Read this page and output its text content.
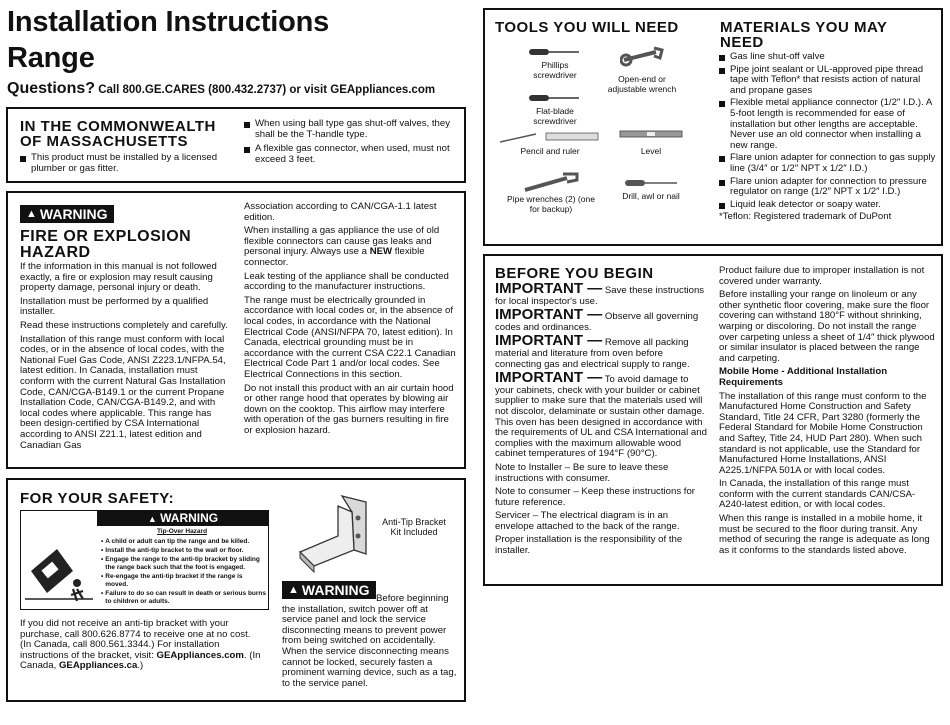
Installation Instructions
Range
Questions? Call 800.GE.CARES (800.432.2737) or visit GEAppliances.com
IN THE COMMONWEALTH
OF MASSACHUSETTS
This product must be installed by a licensed plumber or gas fitter.
When using ball type gas shut-off valves, they shall be the T-handle type.
A flexible gas connector, when used, must not exceed 3 feet.
▲ WARNING
FIRE OR EXPLOSION
HAZARD
If the information in this manual is not followed exactly, a fire or explosion may result causing property damage, personal injury or death.
Installation must be performed by a qualified installer.
Read these instructions completely and carefully.
Installation of this range must conform with local codes, or in the absence of local codes, with the National Fuel Gas Code, ANSI Z223.1/NFPA.54, latest edition. In Canada, installation must conform with the current Natural Gas Installation Code, CAN/CGA-B149.1 or the current Propane Installation Code, CAN/CGA-B149.2, and with local codes where applicable. This range has been design-certified by CSA International according to ANSI Z21.1, latest edition and Canadian Gas
Association according to CAN/CGA-1.1 latest edition.
When installing a gas appliance the use of old flexible connectors can cause gas leaks and personal injury. Always use a NEW flexible connector.
Leak testing of the appliance shall be conducted according to the manufacturer instructions.
The range must be electrically grounded in accordance with local codes or, in the absence of local codes, in accordance with the National Electrical Code (ANSI/NFPA 70, latest edition). In Canada, electrical grounding must be in accordance with the current CSA C22.1 Canadian Electrical Code Part 1 and/or local codes. See Electrical Connections in this section.
Do not install this product with an air curtain hood or other range hood that operates by blowing air down on the cooktop. This airflow may interfere with operation of the gas burners resulting in fire or explosion hazard.
FOR YOUR SAFETY:
▲ WARNING
Tip-Over Hazard
• A child or adult can tip the range and be killed.
• Install the anti-tip bracket to the wall or floor.
• Engage the range to the anti-tip bracket by sliding the range back such that the foot is engaged.
• Re-engage the anti-tip bracket if the range is moved.
• Failure to do so can result in death or serious burns to children or adults.
Anti-Tip Bracket
Kit Included
If you did not receive an anti-tip bracket with your purchase, call 800.626.8774 to receive one at no cost. (In Canada, call 800.561.3344.) For installation instructions of the bracket, visit: GEAppliances.com. (In Canada, GEAppliances.ca.)
▲ WARNING
Before beginning the installation, switch power off at service panel and lock the service disconnecting means to prevent power from being switched on accidentally. When the service disconnecting means cannot be locked, securely fasten a prominent warning device, such as a tag, to the service panel.
TOOLS YOU WILL NEED
Phillips screwdriver	Open-end or adjustable wrench
Flat-blade screwdriver
Pencil and ruler	Level
Pipe wrenches (2) (one for backup)
Drill, awl or nail
MATERIALS YOU MAY
NEED
Gas line shut-off valve
Pipe joint sealant or UL-approved pipe thread tape with Teflon* that resists action of natural and propane gases
Flexible metal appliance connector (1/2″ I.D.). A 5-foot length is recommended for ease of installation but other lengths are acceptable. Never use an old connector when installing a new range.
Flare union adapter for connection to gas supply line (3/4″ or 1/2″ NPT x 1/2″ I.D.)
Flare union adapter for connection to pressure regulator on range (1/2″ NPT x 1/2″ I.D.)
Liquid leak detector or soapy water.
*Teflon: Registered trademark of DuPont
BEFORE YOU BEGIN
IMPORTANT — Save these instructions for local inspector's use.
IMPORTANT — Observe all governing codes and ordinances.
IMPORTANT — Remove all packing material and literature from oven before connecting gas and electrical supply to range.
IMPORTANT — To avoid damage to your cabinets, check with your builder or cabinet supplier to make sure that the materials used will not discolor, delaminate or sustain other damage. This oven has been designed in accordance with the requirements of UL and CSA International and complies with the maximum allowable wood cabinet temperatures of 194°F (90°C).
Note to Installer – Be sure to leave these instructions with consumer.
Note to consumer – Keep these instructions for future reference.
Servicer – The electrical diagram is in an envelope attached to the back of the range.
Proper installation is the responsibility of the installer.
Product failure due to improper installation is not covered under warranty.
Before installing your range on linoleum or any other synthetic floor covering, make sure the floor covering can withstand 180°F without shrinking, warping or discoloring. Do not install the range over carpeting unless a sheet of 1/4″ thick plywood or similar insulator is placed between the range and carpeting.
Mobile Home - Additional Installation Requirements
The installation of this range must conform to the Manufactured Home Construction and Safety Standard, Title 24 CFR, Part 3280 (formerly the Federal Standard for Mobile Home Construction and Saftey, Title 24, HUD Part 280). When such standard is not applicable, use the Standard for Manufactured Home Installations, ANSI A225.1/NFPA 501A or with local codes.
In Canada, the installation of this range must conform with the current standards CAN/CSA-A240-latest edition, or with local codes.
When this range is installed in a mobile home, it must be secured to the floor during transit. Any method of securing the range is adequate as long as it conforms to the standards listed above.
